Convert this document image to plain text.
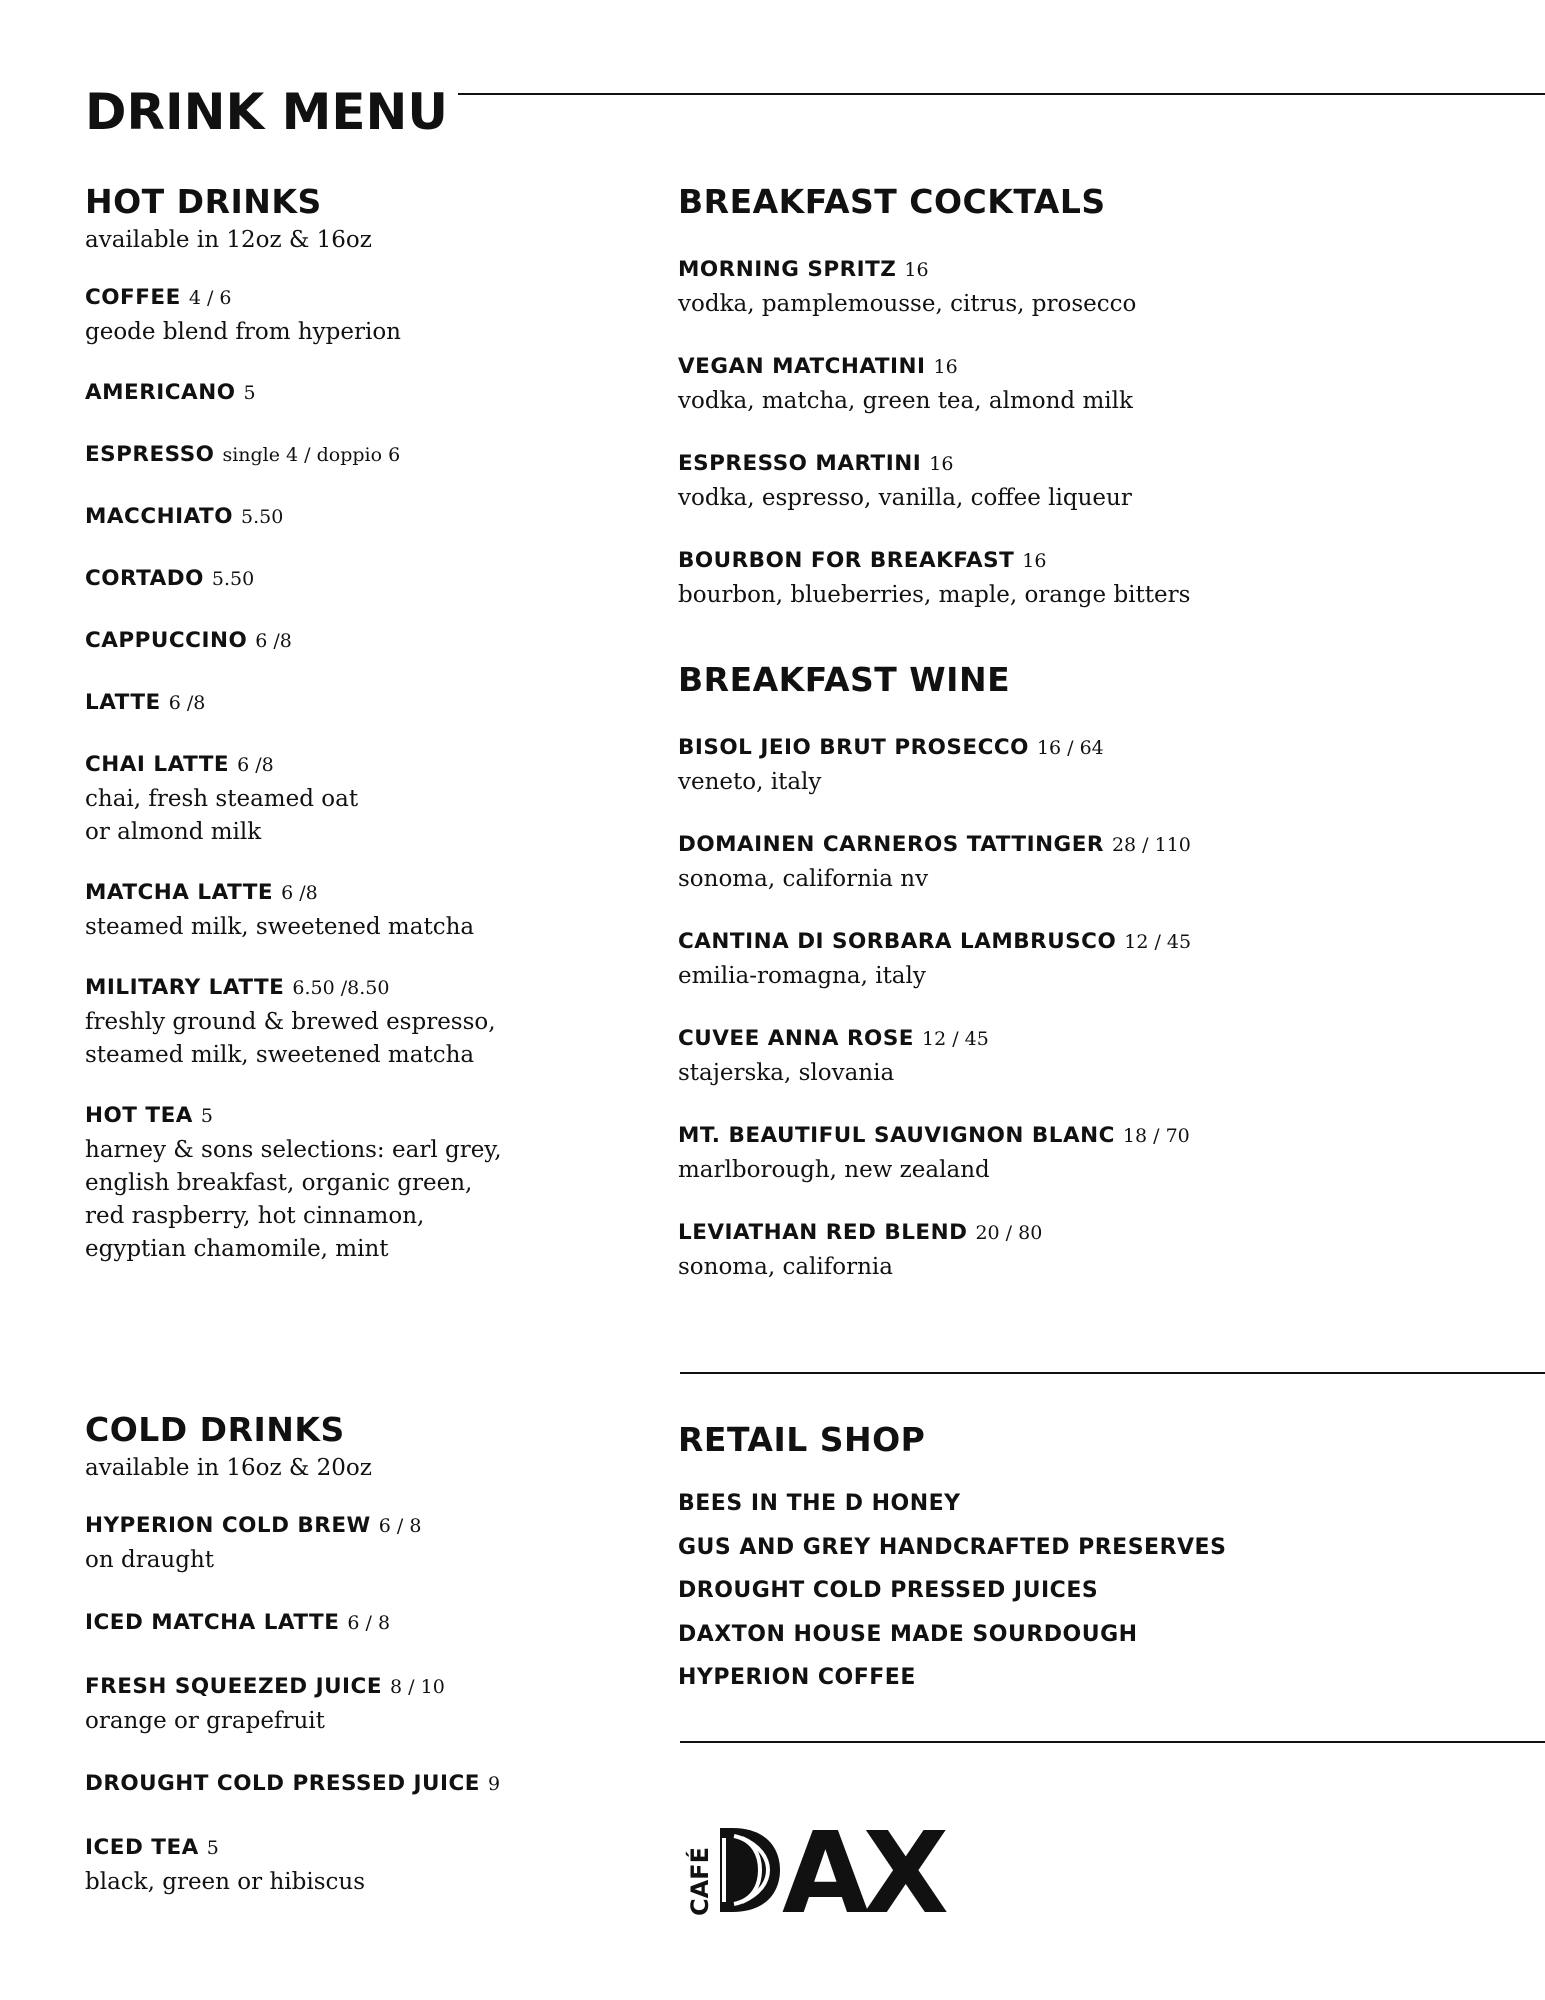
DRINK MENU
HOT DRINKS
available in 12oz & 16oz
COFFEE 4 / 6
geode blend from hyperion
AMERICANO 5
ESPRESSO single 4 / doppio 6
MACCHIATO 5.50
CORTADO 5.50
CAPPUCCINO 6 /8
LATTE 6 /8
CHAI LATTE 6 /8
chai, fresh steamed oat
or almond milk
MATCHA LATTE 6 /8
steamed milk, sweetened matcha
MILITARY LATTE 6.50 /8.50
freshly ground & brewed espresso,
steamed milk, sweetened matcha
HOT TEA 5
harney & sons selections: earl grey,
english breakfast, organic green,
red raspberry, hot cinnamon,
egyptian chamomile, mint
BREAKFAST COCKTALS
MORNING SPRITZ 16
vodka, pamplemousse, citrus, prosecco
VEGAN MATCHATINI 16
vodka, matcha, green tea, almond milk
ESPRESSO MARTINI 16
vodka, espresso, vanilla, coffee liqueur
BOURBON FOR BREAKFAST 16
bourbon, blueberries, maple, orange bitters
BREAKFAST WINE
BISOL JEIO BRUT PROSECCO 16 / 64
veneto, italy
DOMAINEN CARNEROS TATTINGER 28 / 110
sonoma, california nv
CANTINA DI SORBARA LAMBRUSCO 12 / 45
emilia-romagna, italy
CUVEE ANNA ROSE 12 / 45
stajerska, slovania
MT. BEAUTIFUL SAUVIGNON BLANC 18 / 70
marlborough, new zealand
LEVIATHAN RED BLEND 20 / 80
sonoma, california
COLD DRINKS
available in 16oz & 20oz
HYPERION COLD BREW 6 / 8
on draught
ICED MATCHA LATTE 6 / 8
FRESH SQUEEZED JUICE 8 / 10
orange or grapefruit
DROUGHT COLD PRESSED JUICE 9
ICED TEA 5
black, green or hibiscus
RETAIL SHOP
BEES IN THE D HONEY
GUS AND GREY HANDCRAFTED PRESERVES
DROUGHT COLD PRESSED JUICES
DAXTON HOUSE MADE SOURDOUGH
HYPERION COFFEE
CAFÉ AX
